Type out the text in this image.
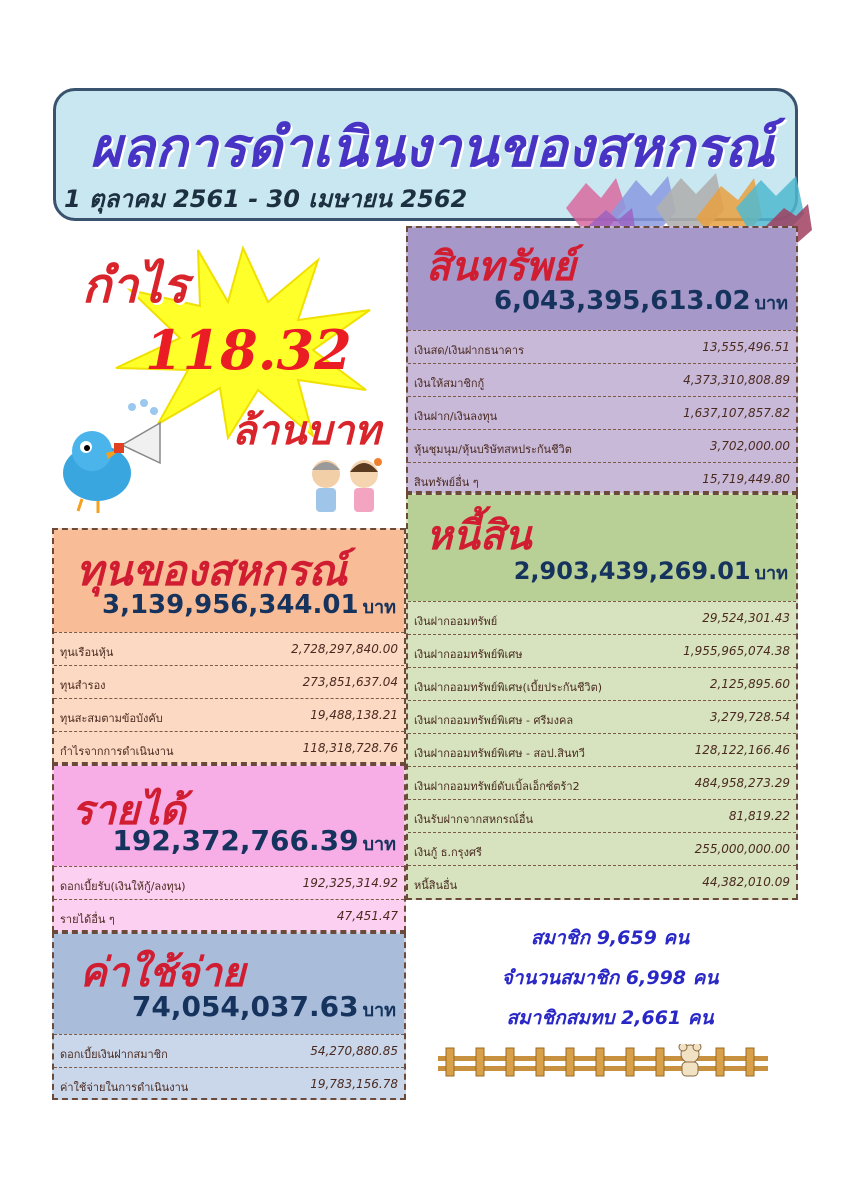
ผลการดำเนินงานของสหกรณ์
1 ตุลาคม 2561 - 30 เมษายน 2562
กำไร
118.32
ล้านบาท
สินทรัพย์
6,043,395,613.02 บาท
เงินสด/เงินฝากธนาคาร	13,555,496.51
เงินให้สมาชิกกู้	4,373,310,808.89
เงินฝาก/เงินลงทุน	1,637,107,857.82
หุ้นชุมนุม/หุ้นบริษัทสหประกันชีวิต	3,702,000.00
สินทรัพย์อื่น ๆ	15,719,449.80
หนี้สิน
2,903,439,269.01 บาท
เงินฝากออมทรัพย์	29,524,301.43
เงินฝากออมทรัพย์พิเศษ	1,955,965,074.38
เงินฝากออมทรัพย์พิเศษ(เบี้ยประกันชีวิต)	2,125,895.60
เงินฝากออมทรัพย์พิเศษ - ศรีมงคล	3,279,728.54
เงินฝากออมทรัพย์พิเศษ - สอป.สินทวี	128,122,166.46
เงินฝากออมทรัพย์ดับเบิ้ลเอ็กซ์ตร้า2	484,958,273.29
เงินรับฝากจากสหกรณ์อื่น	81,819.22
เงินกู้ ธ.กรุงศรี	255,000,000.00
หนี้สินอื่น	44,382,010.09
ทุนของสหกรณ์
3,139,956,344.01 บาท
ทุนเรือนหุ้น	2,728,297,840.00
ทุนสำรอง	273,851,637.04
ทุนสะสมตามข้อบังคับ	19,488,138.21
กำไรจากการดำเนินงาน	118,318,728.76
รายได้
192,372,766.39 บาท
ดอกเบี้ยรับ(เงินให้กู้/ลงทุน)	192,325,314.92
รายได้อื่น ๆ	47,451.47
ค่าใช้จ่าย
74,054,037.63 บาท
ดอกเบี้ยเงินฝากสมาชิก	54,270,880.85
ค่าใช้จ่ายในการดำเนินงาน	19,783,156.78
สมาชิก 9,659 คน
จำนวนสมาชิก 6,998 คน
สมาชิกสมทบ 2,661 คน
